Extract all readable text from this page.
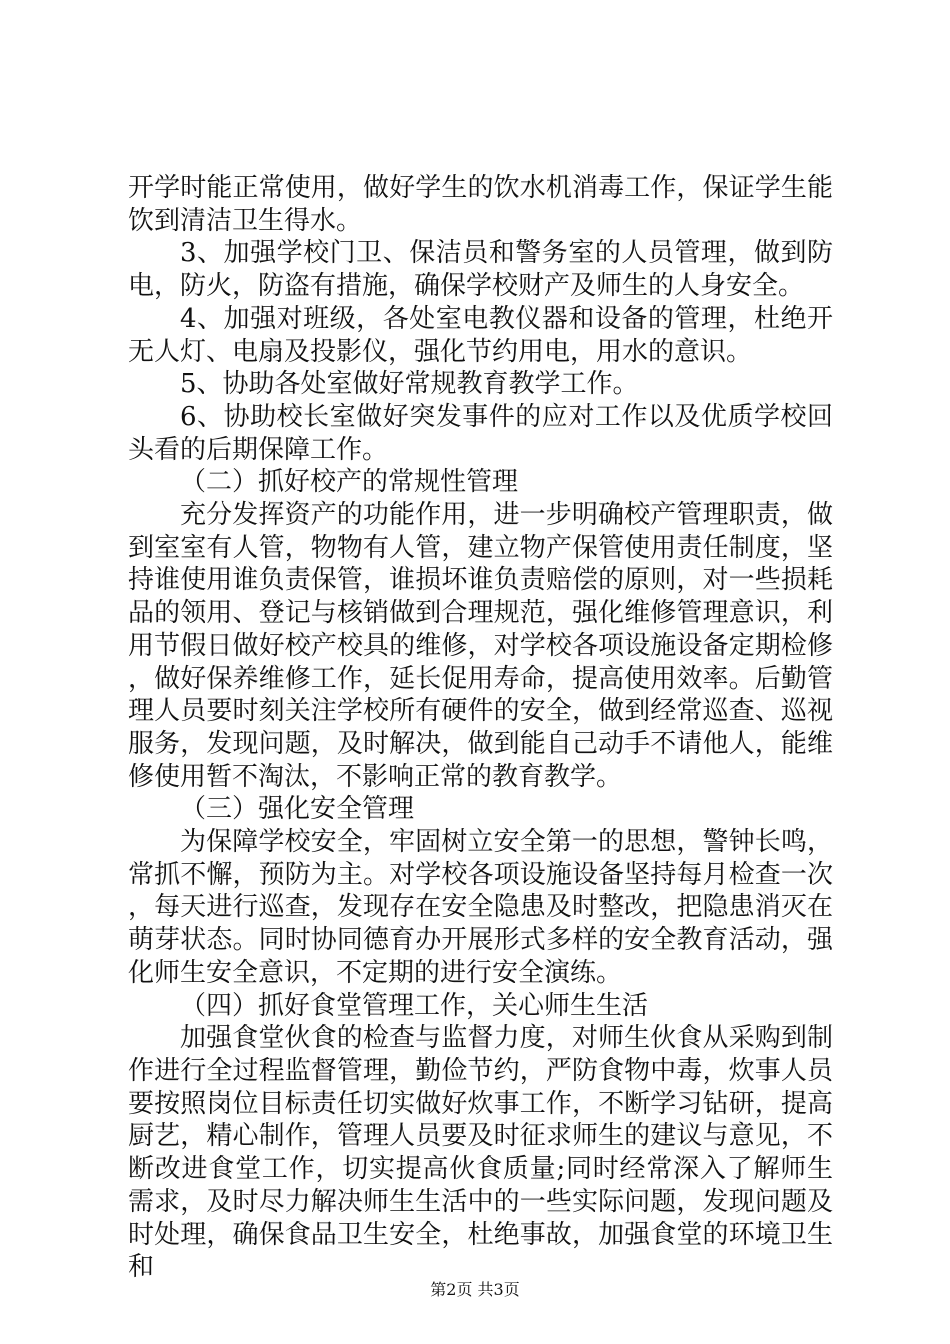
开学时能正常使用，做好学生的饮水机消毒工作，保证学生能饮到清洁卫生得水。

3、加强学校门卫、保洁员和警务室的人员管理，做到防电，防火，防盗有措施，确保学校财产及师生的人身安全。

4、加强对班级，各处室电教仪器和设备的管理，杜绝开无人灯、电扇及投影仪，强化节约用电，用水的意识。

5、协助各处室做好常规教育教学工作。

6、协助校长室做好突发事件的应对工作以及优质学校回头看的后期保障工作。

（二）抓好校产的常规性管理

充分发挥资产的功能作用，进一步明确校产管理职责，做到室室有人管，物物有人管，建立物产保管使用责任制度，坚持谁使用谁负责保管，谁损坏谁负责赔偿的原则，对一些损耗品的领用、登记与核销做到合理规范，强化维修管理意识，利用节假日做好校产校具的维修，对学校各项设施设备定期检修，做好保养维修工作，延长促用寿命，提高使用效率。后勤管理人员要时刻关注学校所有硬件的安全，做到经常巡查、巡视服务，发现问题，及时解决，做到能自己动手不请他人，能维修使用暂不淘汰，不影响正常的教育教学。

（三）强化安全管理

为保障学校安全，牢固树立安全第一的思想，警钟长鸣，常抓不懈，预防为主。对学校各项设施设备坚持每月检查一次，每天进行巡查，发现存在安全隐患及时整改，把隐患消灭在萌芽状态。同时协同德育办开展形式多样的安全教育活动，强化师生安全意识，不定期的进行安全演练。

（四）抓好食堂管理工作，关心师生生活

加强食堂伙食的检查与监督力度，对师生伙食从采购到制作进行全过程监督管理，勤俭节约，严防食物中毒，炊事人员要按照岗位目标责任切实做好炊事工作，不断学习钻研，提高厨艺，精心制作，管理人员要及时征求师生的建议与意见，不断改进食堂工作，切实提高伙食质量;同时经常深入了解师生需求，及时尽力解决师生生活中的一些实际问题，发现问题及时处理，确保食品卫生安全，杜绝事故，加强食堂的环境卫生和

第2页 共3页
